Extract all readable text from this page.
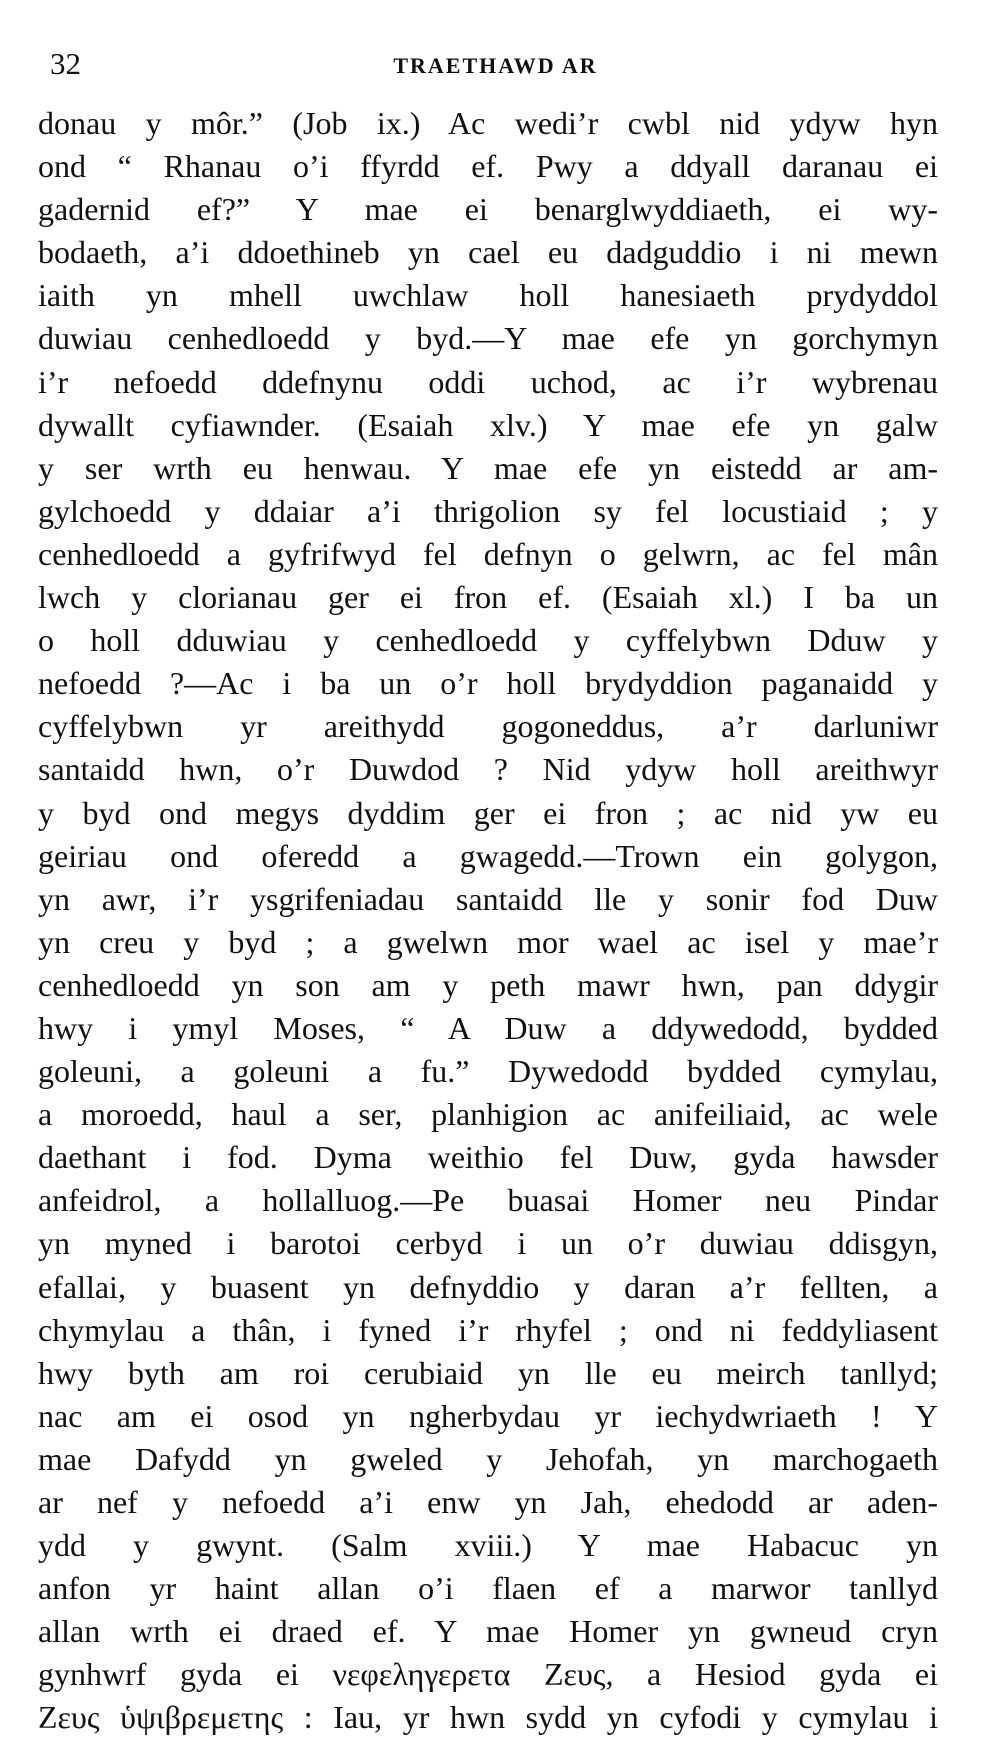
32	TRAETHAWD AR
donau y môr.” (Job ix.) Ac wedi’r cwbl nid ydyw hyn
ond “ Rhanau o’i ffyrdd ef. Pwy a ddyall daranau ei
gadernid ef?” Y mae ei benarglwyddiaeth, ei wy-
bodaeth, a’i ddoethineb yn cael eu dadguddio i ni mewn
iaith yn mhell uwchlaw holl hanesiaeth prydyddol
duwiau cenhedloedd y byd.—Y mae efe yn gorchymyn
i’r nefoedd ddefnynu oddi uchod, ac i’r wybrenau
dywallt cyfiawnder. (Esaiah xlv.) Y mae efe yn galw
y ser wrth eu henwau. Y mae efe yn eistedd ar am-
gylchoedd y ddaiar a’i thrigolion sy fel locustiaid ; y
cenhedloedd a gyfrifwyd fel defnyn o gelwrn, ac fel mân
lwch y clorianau ger ei fron ef. (Esaiah xl.) I ba un
o holl dduwiau y cenhedloedd y cyffelybwn Dduw y
nefoedd ?—Ac i ba un o’r holl brydyddion paganaidd y
cyffelybwn yr areithydd gogoneddus, a’r darluniwr
santaidd hwn, o’r Duwdod ? Nid ydyw holl areithwyr
y byd ond megys dyddim ger ei fron ; ac nid yw eu
geiriau ond oferedd a gwagedd.—Trown ein golygon,
yn awr, i’r ysgrifeniadau santaidd lle y sonir fod Duw
yn creu y byd ; a gwelwn mor wael ac isel y mae’r
cenhedloedd yn son am y peth mawr hwn, pan ddygir
hwy i ymyl Moses, “ A Duw a ddywedodd, bydded
goleuni, a goleuni a fu.” Dywedodd bydded cymylau,
a moroedd, haul a ser, planhigion ac anifeiliaid, ac wele
daethant i fod. Dyma weithio fel Duw, gyda hawsder
anfeidrol, a hollalluog.—Pe buasai Homer neu Pindar
yn myned i barotoi cerbyd i un o’r duwiau ddisgyn,
efallai, y buasent yn defnyddio y daran a’r fellten, a
chymylau a thân, i fyned i’r rhyfel ; ond ni feddyliasent
hwy byth am roi cerubiaid yn lle eu meirch tanllyd;
nac am ei osod yn ngherbydau yr iechydwriaeth ! Y
mae Dafydd yn gweled y Jehofah, yn marchogaeth
ar nef y nefoedd a’i enw yn Jah, ehedodd ar aden-
ydd y gwynt. (Salm xviii.) Y mae Habacuc yn
anfon yr haint allan o’i flaen ef a marwor tanllyd
allan wrth ei draed ef. Y mae Homer yn gwneud cryn
gynhwrf gyda ei νεφεληγερετα Ζευς, a Hesiod gyda ei
Ζευς ὑψιβρεμετης : Iau, yr hwn sydd yn cyfodi y cymylau i
